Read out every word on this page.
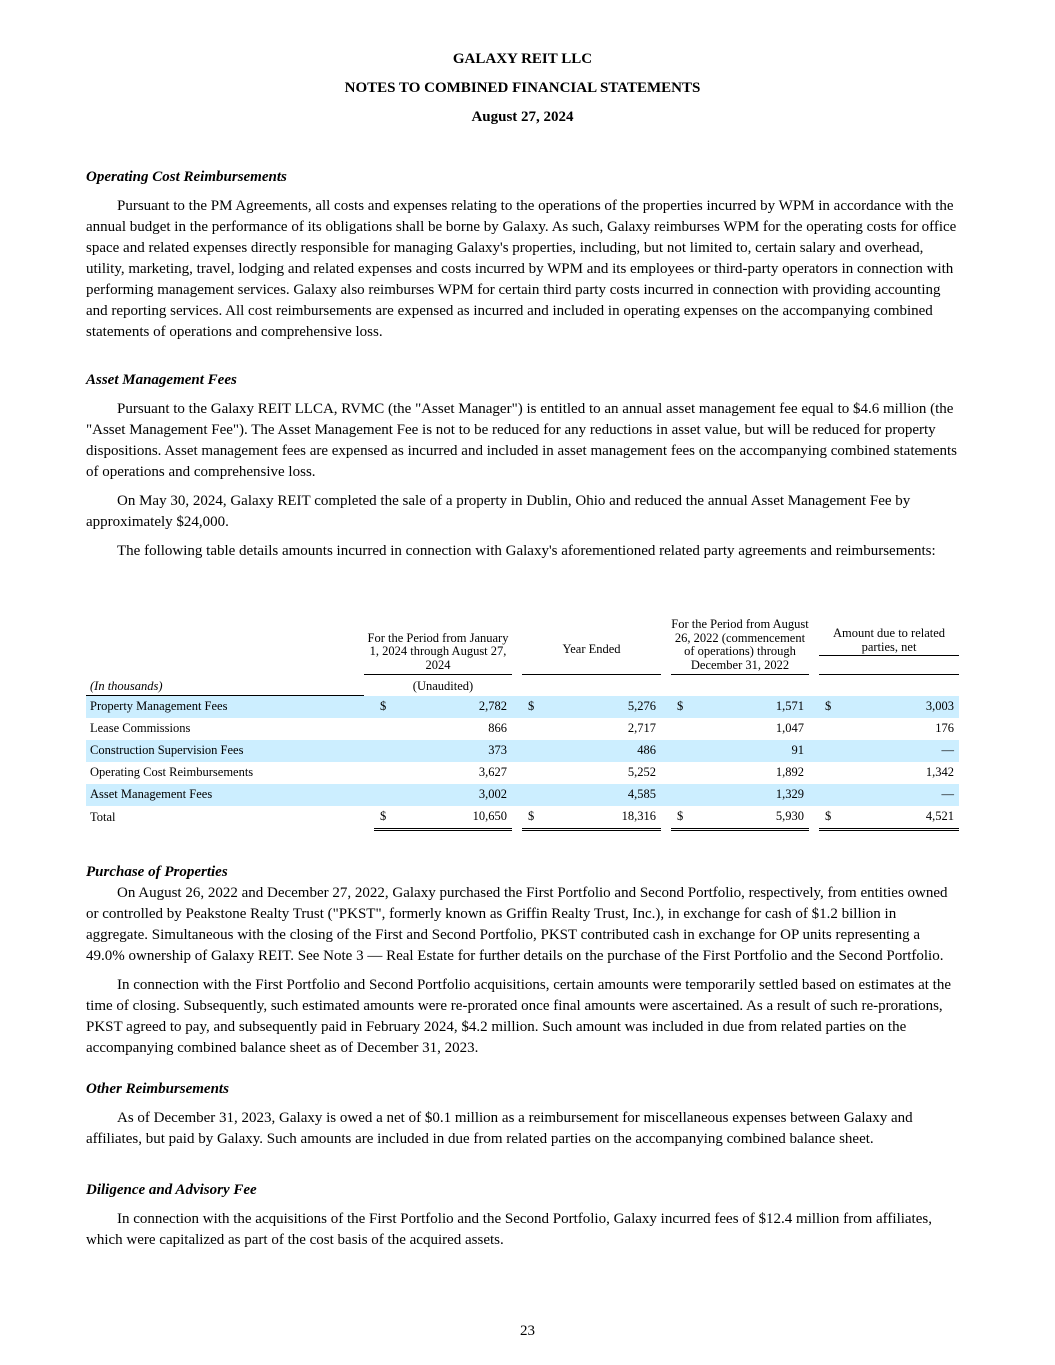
GALAXY REIT LLC
NOTES TO COMBINED FINANCIAL STATEMENTS
August 27, 2024

Operating Cost Reimbursements

Pursuant to the PM Agreements, all costs and expenses relating to the operations of the properties incurred by WPM in accordance with the annual budget in the performance of its obligations shall be borne by Galaxy. As such, Galaxy reimburses WPM for the operating costs for office space and related expenses directly responsible for managing Galaxy's properties, including, but not limited to, certain salary and overhead, utility, marketing, travel, lodging and related expenses and costs incurred by WPM and its employees or third-party operators in connection with performing management services. Galaxy also reimburses WPM for certain third party costs incurred in connection with providing accounting and reporting services. All cost reimbursements are expensed as incurred and included in operating expenses on the accompanying combined statements of operations and comprehensive loss.

Asset Management Fees

Pursuant to the Galaxy REIT LLCA, RVMC (the "Asset Manager") is entitled to an annual asset management fee equal to $4.6 million (the "Asset Management Fee"). The Asset Management Fee is not to be reduced for any reductions in asset value, but will be reduced for property dispositions. Asset management fees are expensed as incurred and included in asset management fees on the accompanying combined statements of operations and comprehensive loss.

On May 30, 2024, Galaxy REIT completed the sale of a property in Dublin, Ohio and reduced the annual Asset Management Fee by approximately $24,000.

The following table details amounts incurred in connection with Galaxy's aforementioned related party agreements and reimbursements:

	For the Period from January 1, 2024 through August 27, 2024				Year Ended			For the Period from August 26, 2022 (commencement of operations) through December 31, 2022			Amount due to related parties, net	

(In thousands)		(Unaudited)										
Property Management Fees		$	2,782		$	5,276		$	1,571		$	3,003
Lease Commissions			866			2,717			1,047			176
Construction Supervision Fees			373			486			91			—
Operating Cost Reimbursements			3,627			5,252			1,892			1,342
Asset Management Fees			3,002			4,585			1,329			—
Total		$	10,650		$	18,316		$	5,930		$	4,521

Purchase of Properties

On August 26, 2022 and December 27, 2022, Galaxy purchased the First Portfolio and Second Portfolio, respectively, from entities owned or controlled by Peakstone Realty Trust ("PKST", formerly known as Griffin Realty Trust, Inc.), in exchange for cash of $1.2 billion in aggregate. Simultaneous with the closing of the First and Second Portfolio, PKST contributed cash in exchange for OP units representing a 49.0% ownership of Galaxy REIT. See Note 3 — Real Estate for further details on the purchase of the First Portfolio and the Second Portfolio.

In connection with the First Portfolio and Second Portfolio acquisitions, certain amounts were temporarily settled based on estimates at the time of closing. Subsequently, such estimated amounts were re-prorated once final amounts were ascertained. As a result of such re-prorations, PKST agreed to pay, and subsequently paid in February 2024, $4.2 million. Such amount was included in due from related parties on the accompanying combined balance sheet as of December 31, 2023.

Other Reimbursements

As of December 31, 2023, Galaxy is owed a net of $0.1 million as a reimbursement for miscellaneous expenses between Galaxy and affiliates, but paid by Galaxy. Such amounts are included in due from related parties on the accompanying combined balance sheet.

Diligence and Advisory Fee

In connection with the acquisitions of the First Portfolio and the Second Portfolio, Galaxy incurred fees of $12.4 million from affiliates, which were capitalized as part of the cost basis of the acquired assets.

23
